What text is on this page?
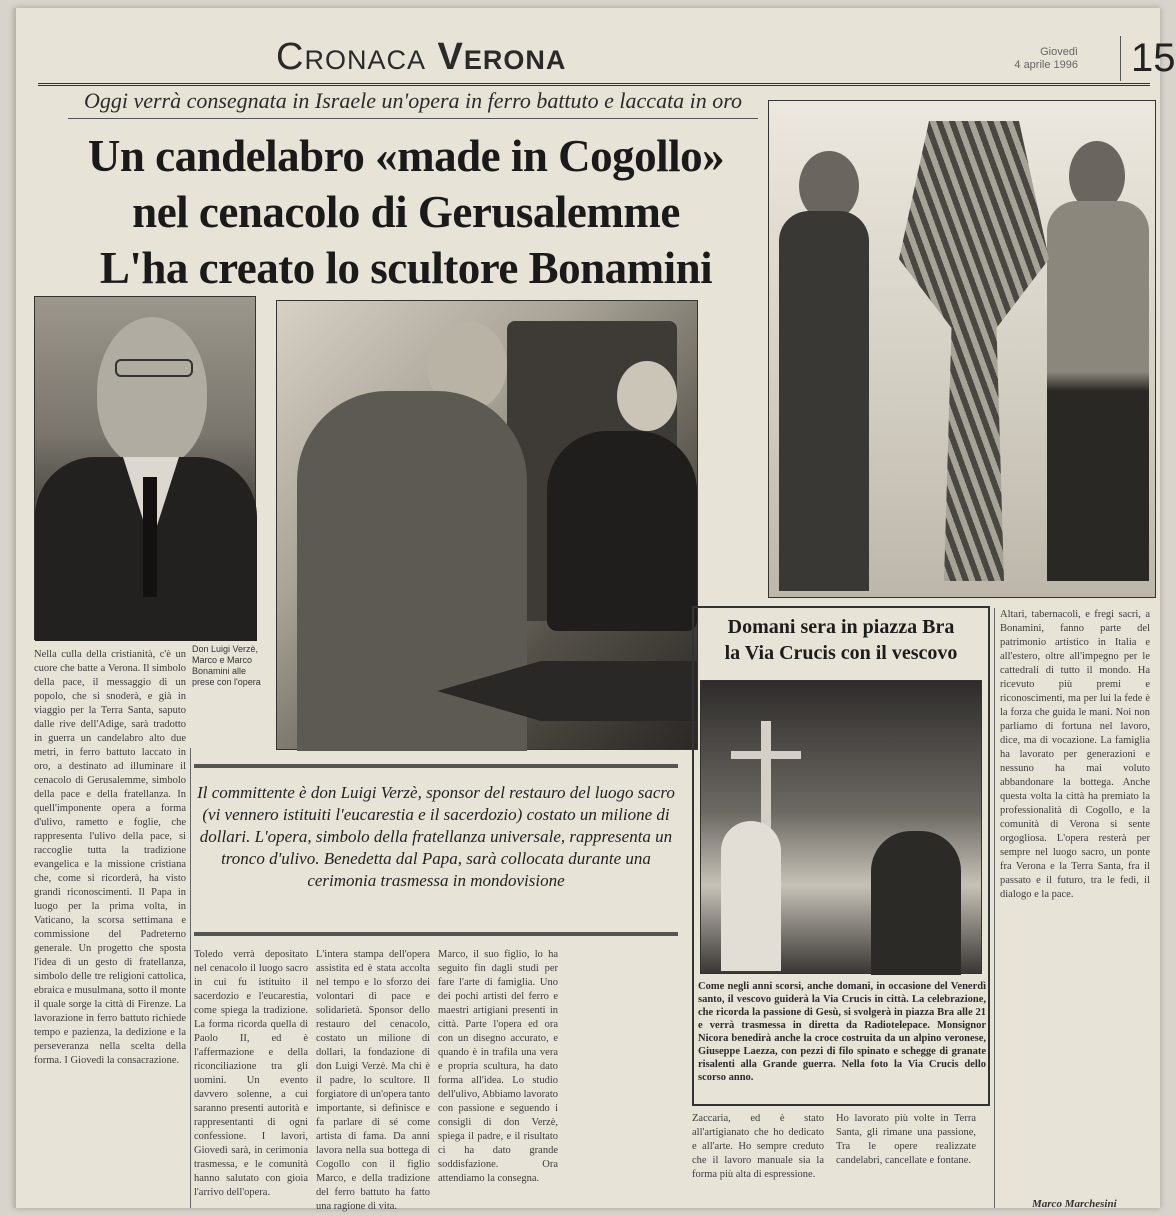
Cronaca Verona	Giovedì
4 aprile 1996 15
Oggi verrà consegnata in Israele un'opera in ferro battuto e laccata in oro
Un candelabro «made in Cogollo»
nel cenacolo di Gerusalemme
L'ha creato lo scultore Bonamini
Don Luigi Verzè, Marco e Marco Bonamini alle prese con l'opera
Nella culla della cristianità, c'è un cuore che batte a Verona. Il simbolo della pace, il messaggio di un popolo, che si snoderà, e già in viaggio per la Terra Santa, saputo dalle rive dell'Adige, sarà tradotto in guerra un candelabro alto due metri, in ferro battuto laccato in oro, a destinato ad illuminare il cenacolo di Gerusalemme, simbolo della pace e della fratellanza. In quell'imponente opera a forma d'ulivo, rametto e foglie, che rappresenta l'ulivo della pace, si raccoglie tutta la tradizione evangelica e la missione cristiana che, come si ricorderà, ha visto grandi riconoscimenti. Il Papa in luogo per la prima volta, in Vaticano, la scorsa settimana e commissione del Padreterno generale. Un progetto che sposta l'idea di un gesto di fratellanza, simbolo delle tre religioni cattolica, ebraica e musulmana, sotto il monte il quale sorge la città di Firenze. La lavorazione in ferro battuto richiede tempo e pazienza, la dedizione e la perseveranza nella scelta della forma. I Giovedì la consacrazione.
Il committente è don Luigi Verzè, sponsor del restauro del luogo sacro (vi vennero istituiti l'eucarestia e il sacerdozio) costato un milione di dollari. L'opera, simbolo della fratellanza universale, rappresenta un tronco d'ulivo. Benedetta dal Papa, sarà collocata durante una cerimonia trasmessa in mondovisione
Toledo verrà depositato nel cenacolo il luogo sacro in cui fu istituito il sacerdozio e l'eucarestia, come spiega la tradizione. La forma ricorda quella di Paolo II, ed è l'affermazione e della riconciliazione tra gli uomini. Un evento davvero solenne, a cui saranno presenti autorità e rappresentanti di ogni confessione. I lavori, Giovedì sarà, in cerimonia trasmessa, e le comunità hanno salutato con gioia l'arrivo dell'opera.
L'intera stampa dell'opera assistita ed è stata accolta nel tempo e lo sforzo dei volontari di pace e solidarietà. Sponsor dello restauro del cenacolo, costato un milione di dollari, la fondazione di don Luigi Verzè. Ma chi è il padre, lo scultore. Il forgiatore di un'opera tanto importante, si definisce e fa parlare di sé come artista di fama. Da anni lavora nella sua bottega di Cogollo con il figlio Marco, e della tradizione del ferro battuto ha fatto una ragione di vita.
Marco, il suo figlio, lo ha seguito fin dagli studi per fare l'arte di famiglia. Uno dei pochi artisti del ferro e maestri artigiani presenti in città. Parte l'opera ed ora con un disegno accurato, e quando è in trafila una vera e propria scultura, ha dato forma all'idea. Lo studio dell'ulivo, Abbiamo lavorato con passione e seguendo i consigli di don Verzè, spiega il padre, e il risultato ci ha dato grande soddisfazione. Ora attendiamo la consegna.
Zaccaria, ed è stato all'artigianato che ho dedicato e all'arte. Ho sempre creduto che il lavoro manuale sia la forma più alta di espressione.
Ho lavorato più volte in Terra Santa, gli rimane una passione, Tra le opere realizzate candelabri, cancellate e fontane.
Altari, tabernacoli, e fregi sacri, a Bonamini, fanno parte del patrimonio artistico in Italia e all'estero, oltre all'impegno per le cattedrali di tutto il mondo. Ha ricevuto più premi e riconoscimenti, ma per lui la fede è la forza che guida le mani. Noi non parliamo di fortuna nel lavoro, dice, ma di vocazione. La famiglia ha lavorato per generazioni e nessuno ha mai voluto abbandonare la bottega. Anche questa volta la città ha premiato la professionalità di Cogollo, e la comunità di Verona si sente orgogliosa. L'opera resterà per sempre nel luogo sacro, un ponte fra Verona e la Terra Santa, fra il passato e il futuro, tra le fedi, il dialogo e la pace.
Domani sera in piazza Bra
la Via Crucis con il vescovo
Come negli anni scorsi, anche domani, in occasione del Venerdì santo, il vescovo guiderà la Via Crucis in città. La celebrazione, che ricorda la passione di Gesù, si svolgerà in piazza Bra alle 21 e verrà trasmessa in diretta da Radiotelepace. Monsignor Nicora benedirà anche la croce costruita da un alpino veronese, Giuseppe Laezza, con pezzi di filo spinato e schegge di granate risalenti alla Grande guerra. Nella foto la Via Crucis dello scorso anno.
Marco Marchesini
